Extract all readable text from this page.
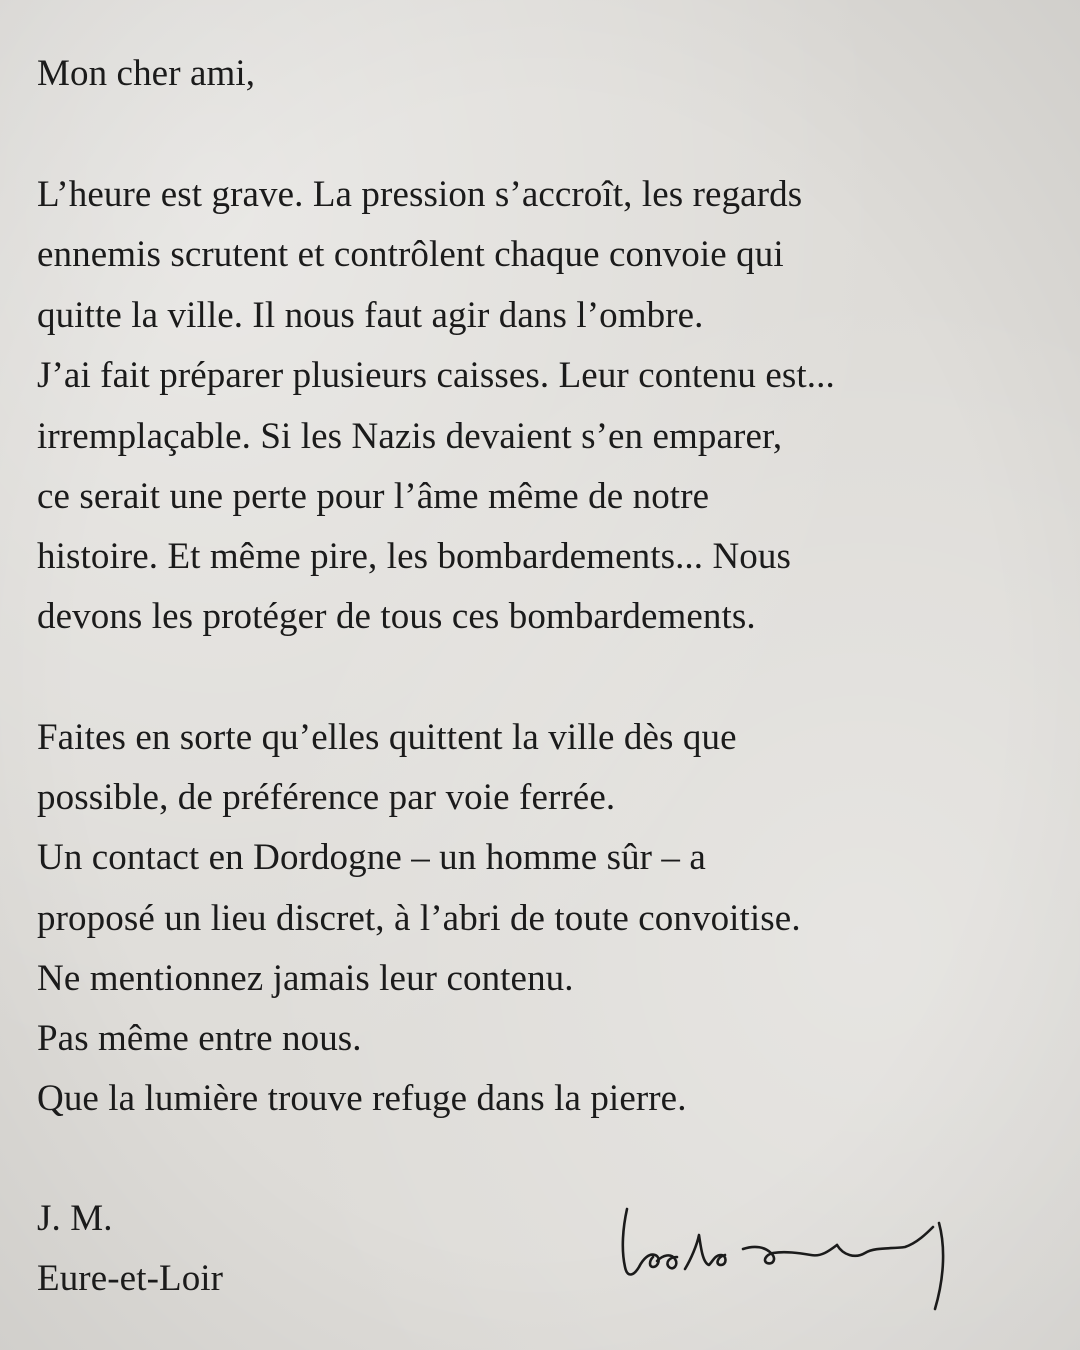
Mon cher ami,

L’heure est grave. La pression s’accroît, les regards

ennemis scrutent et contrôlent chaque convoie qui

quitte la ville. Il nous faut agir dans l’ombre.

J’ai fait préparer plusieurs caisses. Leur contenu est...

irremplaçable. Si les Nazis devaient s’en emparer,

ce serait une perte pour l’âme même de notre

histoire. Et même pire, les bombardements... Nous

devons les protéger de tous ces bombardements.

Faites en sorte qu’elles quittent la ville dès que

possible, de préférence par voie ferrée.

Un contact en Dordogne – un homme sûr – a

proposé un lieu discret, à l’abri de toute convoitise.

Ne mentionnez jamais leur contenu.

Pas même entre nous.

Que la lumière trouve refuge dans la pierre.

J. M.

Eure-et-Loir
